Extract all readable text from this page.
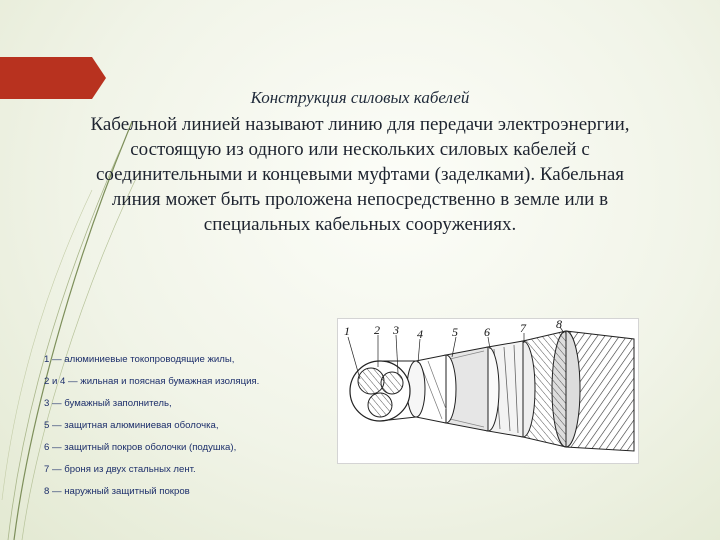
Конструкция силовых кабелей
Кабельной линией называют линию для передачи электроэнергии,
состоящую из одного или нескольких силовых кабелей с
соединительными и концевыми муфтами (заделками). Кабельная
линия может быть проложена непосредственно в земле или в
специальных кабельных сооружениях.
1 — алюминиевые токопроводящие жилы,
2 и 4 — жильная и поясная бумажная изоляция.
3 — бумажный заполнитель,
5 — защитная алюминиевая оболочка,
6 — защитный покров оболочки (подушка),
7 — броня из двух стальных лент.
8 — наружный защитный покров
1 2 3 4 5 6	7	8
